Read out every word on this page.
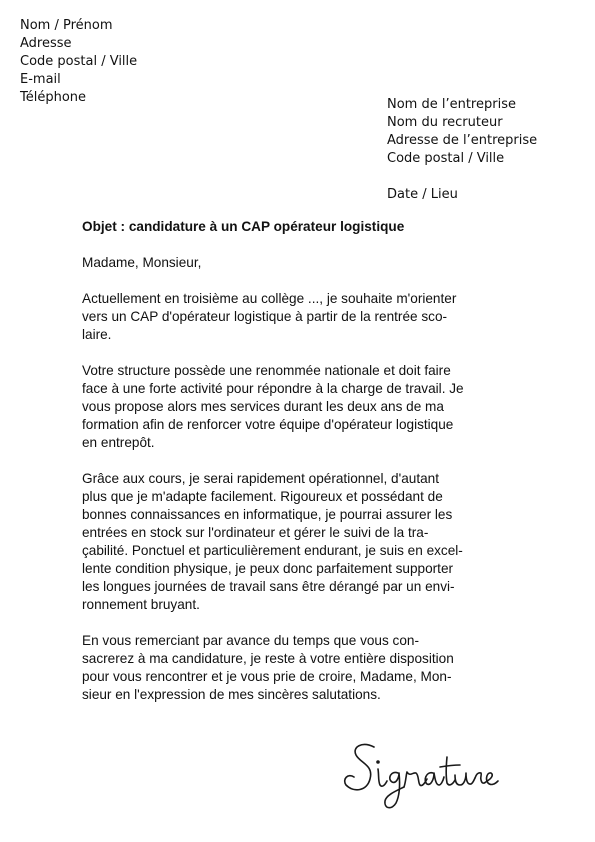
Nom / Prénom
Adresse
Code postal / Ville
E-mail
Téléphone	Nom de l’entreprise
Nom du recruteur
Adresse de l’entreprise
Code postal / Ville
Date / Lieu

Objet : candidature à un CAP opérateur logistique

Madame, Monsieur,

Actuellement en troisième au collège ..., je souhaite m'orienter
vers un CAP d'opérateur logistique à partir de la rentrée sco-
laire.

Votre structure possède une renommée nationale et doit faire
face à une forte activité pour répondre à la charge de travail. Je
vous propose alors mes services durant les deux ans de ma
formation afin de renforcer votre équipe d'opérateur logistique
en entrepôt.

Grâce aux cours, je serai rapidement opérationnel, d'autant
plus que je m'adapte facilement. Rigoureux et possédant de
bonnes connaissances en informatique, je pourrai assurer les
entrées en stock sur l'ordinateur et gérer le suivi de la tra-
çabilité. Ponctuel et particulièrement endurant, je suis en excel-
lente condition physique, je peux donc parfaitement supporter
les longues journées de travail sans être dérangé par un envi-
ronnement bruyant.

En vous remerciant par avance du temps que vous con-
sacrerez à ma candidature, je reste à votre entière disposition
pour vous rencontrer et je vous prie de croire, Madame, Mon-
sieur en l'expression de mes sincères salutations.
